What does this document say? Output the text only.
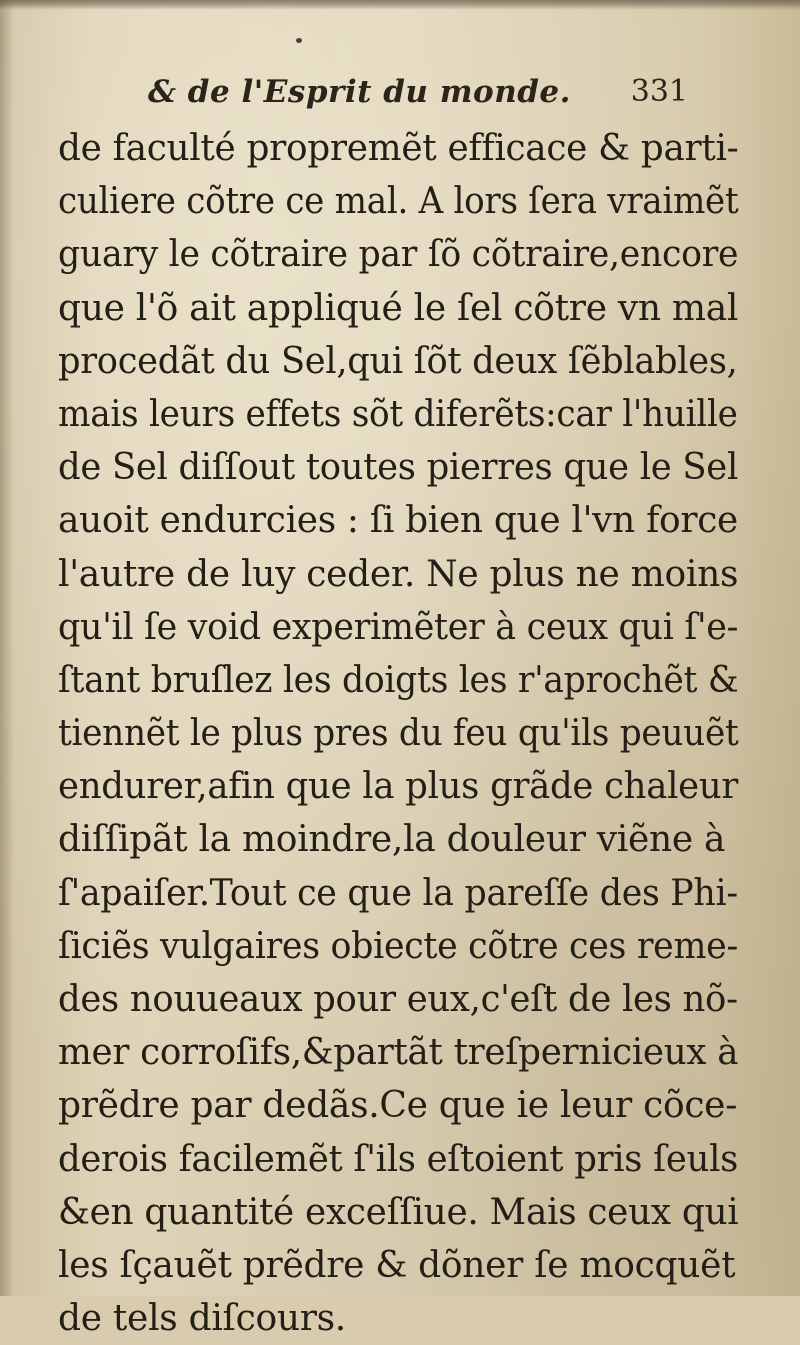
& de l'Esprit du monde. 331
de faculté propremẽt efficace & parti-
culiere cõtre ce mal. A lors ſera vraimẽt
guary le cõtraire par ſõ cõtraire,encore
que l'õ ait appliqué le ſel cõtre vn mal
procedãt du Sel,qui ſõt deux ſẽblables,
mais leurs effets sõt diferẽts:car l'huille
de Sel diſſout toutes pierres que le Sel
auoit endurcies : ſi bien que l'vn force
l'autre de luy ceder. Ne plus ne moins
qu'il ſe void experimẽter à ceux qui ſ'e-
ſtant bruſlez les doigts les r'aprochẽt &
tiennẽt le plus pres du feu qu'ils peuuẽt
endurer,afin que la plus grãde chaleur
diſſipãt la moindre,la douleur viẽne à
ſ'apaiſer.Tout ce que la pareſſe des Phi-
ſiciẽs vulgaires obiecte cõtre ces reme-
des nouueaux pour eux,c'eſt de les nõ-
mer corroſifs,&partãt treſpernicieux à
prẽdre par dedãs.Ce que ie leur cõce-
derois facilemẽt ſ'ils eſtoient pris ſeuls
&en quantité exceſſiue. Mais ceux qui
les ſçauẽt prẽdre & dõner ſe mocquẽt
de tels diſcours.
